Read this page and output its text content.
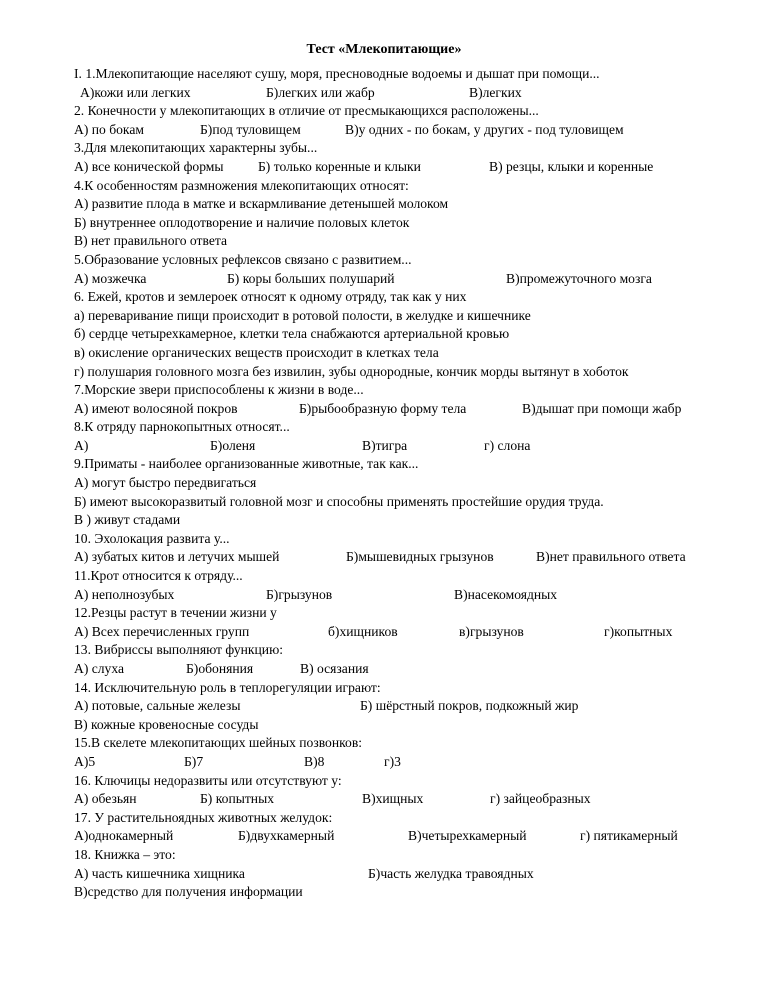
Тест «Млекопитающие»
I. 1.Млекопитающие населяют сушу, моря, пресноводные водоемы и дышат при помощи...
А)кожи или легких	Б)легких или жабр	В)легких
2. Конечности у млекопитающих в отличие от пресмыкающихся расположены...
А) по бокам	Б)под туловищем	В)у одних - по бокам, у других - под туловищем
3.Для млекопитающих характерны зубы...
А) все конической формы	Б) только коренные и клыки	В) резцы, клыки и коренные
4.К особенностям размножения млекопитающих относят:
А) развитие плода в матке и вскармливание детенышей молоком
Б) внутреннее оплодотворение и наличие половых клеток
В) нет правильного ответа
5.Образование условных рефлексов связано с развитием...
А) мозжечка	Б) коры больших полушарий	В)промежуточного мозга
6. Ежей, кротов и землероек относят к одному отряду, так как у них
а) переваривание пищи происходит в ротовой полости, в желудке и кишечнике
б) сердце четырехкамерное, клетки тела снабжаются артериальной кровью
в) окисление органических веществ происходит в клетках тела
г) полушария головного мозга без извилин, зубы однородные, кончик морды вытянут в хоботок
7.Морские звери приспособлены к жизни в воде...
А) имеют волосяной покров	Б)рыбообразную форму тела	В)дышат при помощи жабр
8.К отряду парнокопытных относят...
А)	Б)оленя	В)тигра	г) слона
9.Приматы - наиболее организованные животные, так как...
А) могут быстро передвигаться
Б) имеют высокоразвитый головной мозг и способны применять простейшие орудия труда.
В ) живут стадами
10. Эхолокация развита у...
А) зубатых китов и летучих мышей	Б)мышевидных грызунов	В)нет правильного ответа
11.Крот относится к отряду...
А) неполнозубых	Б)грызунов	В)насекомоядных
12.Резцы растут в течении жизни у
А) Всех перечисленных групп	б)хищников	в)грызунов	г)копытных
13. Вибриссы выполняют функцию:
А) слуха	Б)обоняния	В) осязания
14. Исключительную роль в теплорегуляции играют:
А) потовые, сальные железы	Б) шёрстный покров, подкожный жир
В) кожные кровеносные сосуды
15.В скелете млекопитающих шейных позвонков:
А)5	Б)7	В)8	г)3
16. Ключицы недоразвиты или отсутствуют у:
А) обезьян	Б) копытных	В)хищных	г) зайцеобразных
17. У растительноядных животных желудок:
А)однокамерный	Б)двухкамерный	В)четырехкамерный	г) пятикамерный
18. Книжка – это:
А) часть кишечника хищника	Б)часть желудка травоядных
В)средство для получения информации
